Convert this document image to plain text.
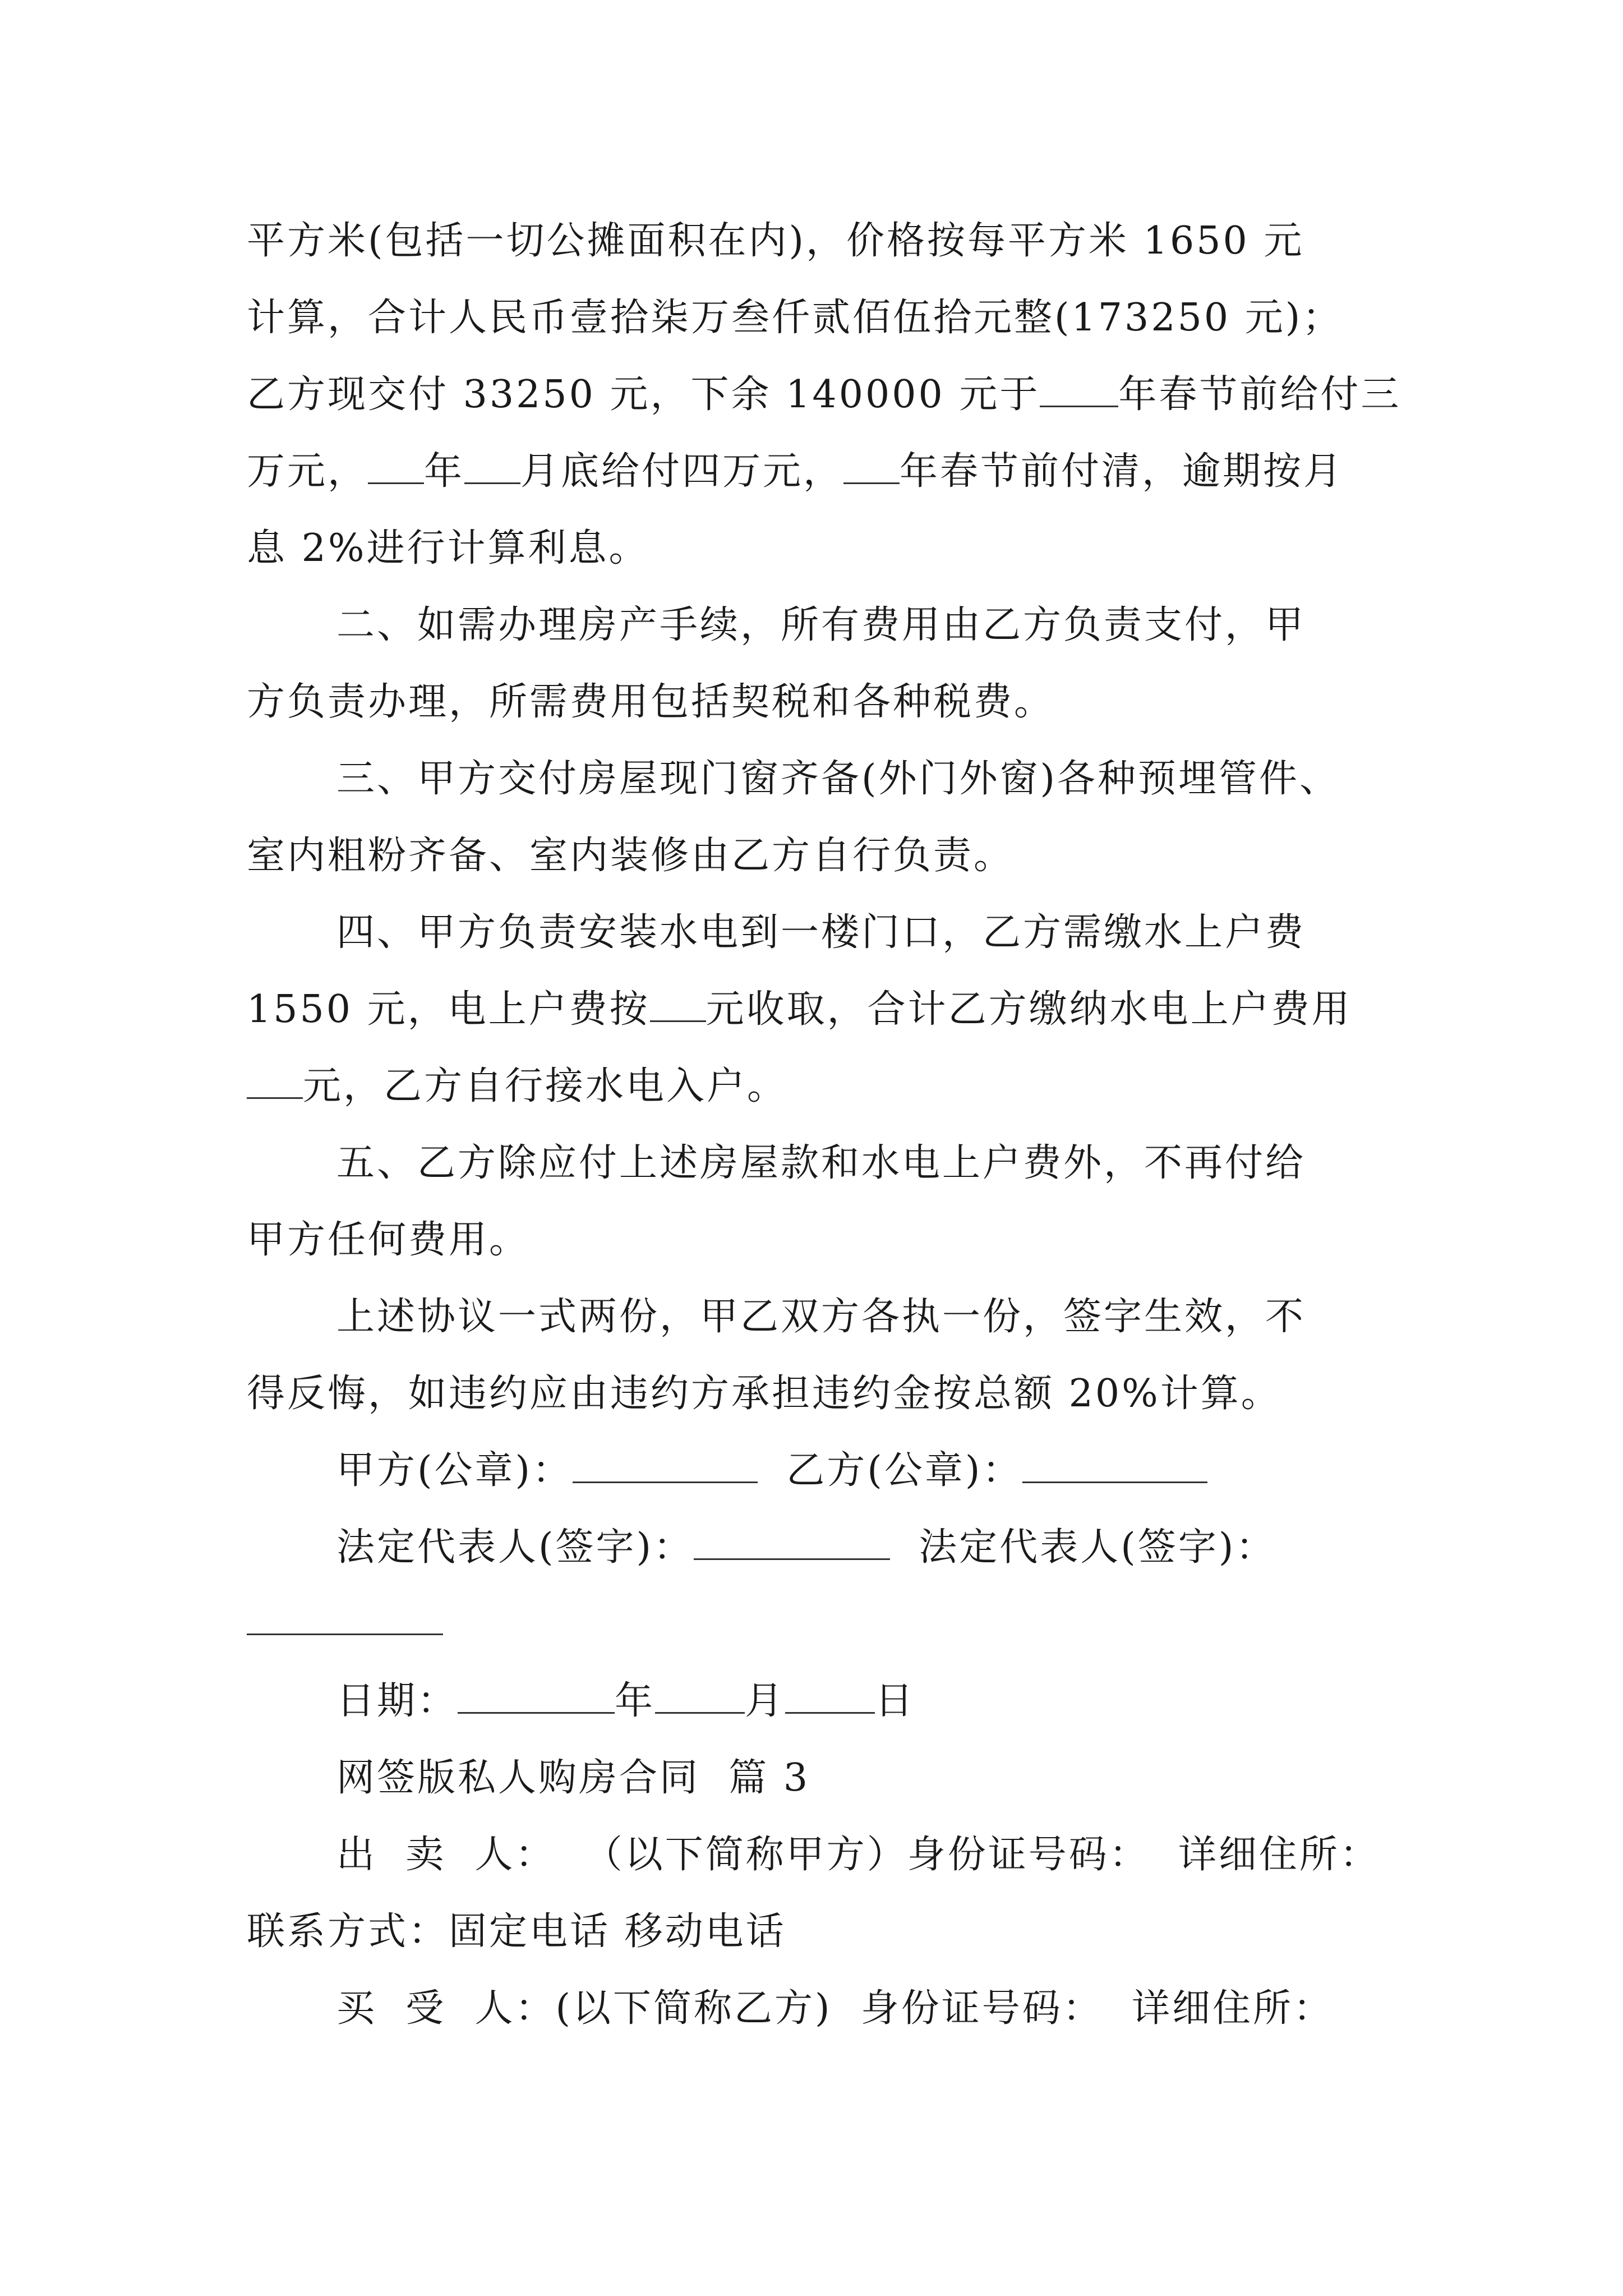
平方米(包括一切公摊面积在内)，价格按每平方米 1650 元
计算，合计人民币壹拾柒万叁仟贰佰伍拾元整(173250 元)；
乙方现交付 33250 元，下余 140000 元于 年春节前给付三
万元， 年 月底给付四万元， 年春节前付清，逾期按月
息 2%进行计算利息。
二、如需办理房产手续，所有费用由乙方负责支付，甲
方负责办理，所需费用包括契税和各种税费。
三、甲方交付房屋现门窗齐备(外门外窗)各种预埋管件、
室内粗粉齐备、室内装修由乙方自行负责。
四、甲方负责安装水电到一楼门口，乙方需缴水上户费
1550 元，电上户费按 元收取，合计乙方缴纳水电上户费用
元，乙方自行接水电入户。
五、乙方除应付上述房屋款和水电上户费外，不再付给
甲方任何费用。
上述协议一式两份，甲乙双方各执一份，签字生效，不
得反悔，如违约应由违约方承担违约金按总额 20%计算。
甲方(公章)：	乙方(公章)：
法定代表人(签字)：	法定代表人(签字)：
日期：	年 月 日
网签版私人购房合同  篇 3
出  卖  人：  （以下简称甲方）身份证号码：  详细住所：
联系方式：固定电话 移动电话
买  受  人：(以下简称乙方)  身份证号码：  详细住所：
